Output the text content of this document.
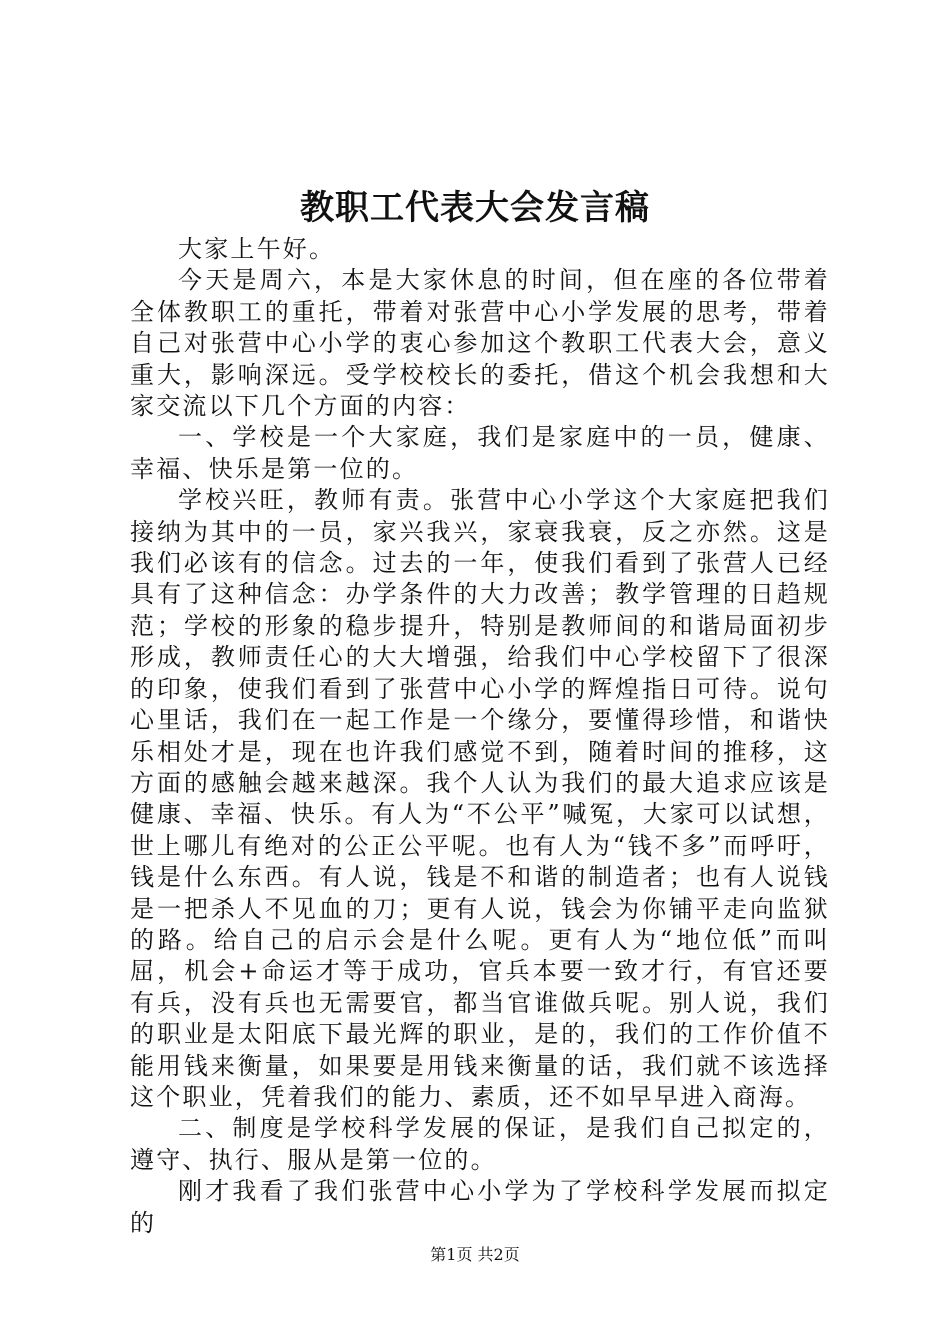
教职工代表大会发言稿

大家上午好。

今天是周六，本是大家休息的时间，但在座的各位带着全体教职工的重托，带着对张营中心小学发展的思考，带着自己对张营中心小学的衷心参加这个教职工代表大会，意义重大，影响深远。受学校校长的委托，借这个机会我想和大家交流以下几个方面的内容：

一、学校是一个大家庭，我们是家庭中的一员，健康、幸福、快乐是第一位的。

学校兴旺，教师有责。张营中心小学这个大家庭把我们接纳为其中的一员，家兴我兴，家衰我衰，反之亦然。这是我们必该有的信念。过去的一年，使我们看到了张营人已经具有了这种信念：办学条件的大力改善；教学管理的日趋规范；学校的形象的稳步提升，特别是教师间的和谐局面初步形成，教师责任心的大大增强，给我们中心学校留下了很深的印象，使我们看到了张营中心小学的辉煌指日可待。说句心里话，我们在一起工作是一个缘分，要懂得珍惜，和谐快乐相处才是，现在也许我们感觉不到，随着时间的推移，这方面的感触会越来越深。我个人认为我们的最大追求应该是健康、幸福、快乐。有人为“不公平”喊冤，大家可以试想，世上哪儿有绝对的公正公平呢。也有人为“钱不多”而呼吁，钱是什么东西。有人说，钱是不和谐的制造者；也有人说钱是一把杀人不见血的刀；更有人说，钱会为你铺平走向监狱的路。给自己的启示会是什么呢。更有人为“地位低”而叫屈，机会+命运才等于成功，官兵本要一致才行，有官还要有兵，没有兵也无需要官，都当官谁做兵呢。别人说，我们的职业是太阳底下最光辉的职业，是的，我们的工作价值不能用钱来衡量，如果要是用钱来衡量的话，我们就不该选择这个职业，凭着我们的能力、素质，还不如早早进入商海。

二、制度是学校科学发展的保证，是我们自己拟定的，遵守、执行、服从是第一位的。

刚才我看了我们张营中心小学为了学校科学发展而拟定的

第1页 共2页
